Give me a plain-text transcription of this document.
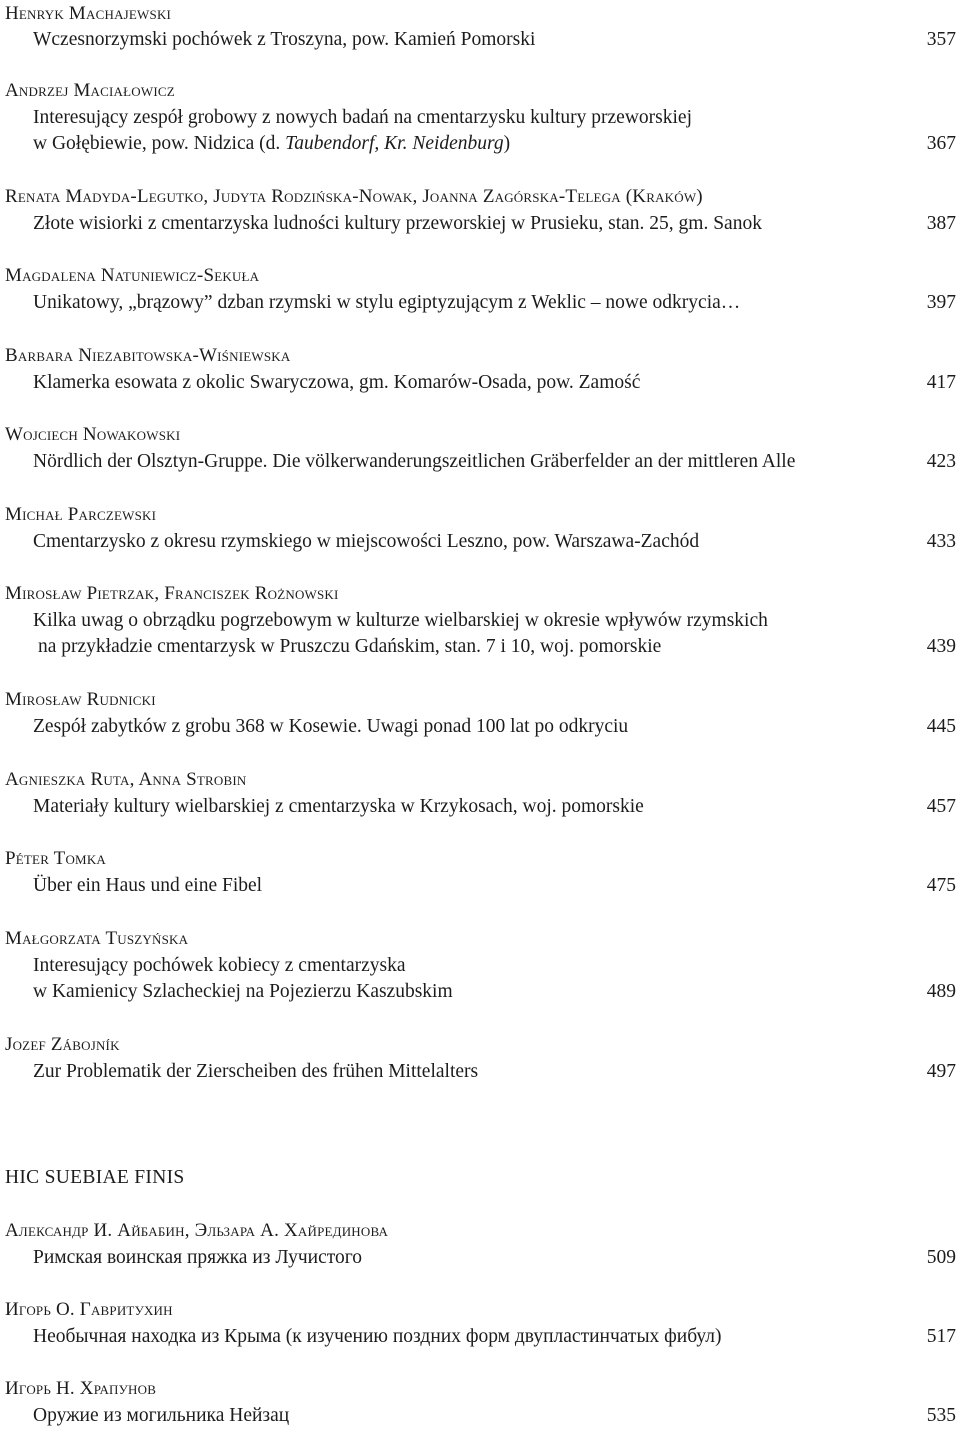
Henryk Machajewski
Wczesnorzymski pochówek z Troszyna, pow. Kamień Pomorski	357
Andrzej Maciałowicz
Interesujący zespół grobowy z nowych badań na cmentarzysku kultury przeworskiej
w Gołębiewie, pow. Nidzica (d. Taubendorf, Kr. Neidenburg)	367
Renata Madyda-Legutko, Judyta Rodzińska-Nowak, Joanna Zagórska-Telega (Kraków)
Złote wisiorki z cmentarzyska ludności kultury przeworskiej w Prusieku, stan. 25, gm. Sanok	387
Magdalena Natuniewicz-Sekuła
Unikatowy, „brązowy” dzban rzymski w stylu egiptyzującym z Weklic – nowe odkrycia…	397
Barbara Niezabitowska-Wiśniewska
Klamerka esowata z okolic Swaryczowa, gm. Komarów-Osada, pow. Zamość	417
Wojciech Nowakowski
Nördlich der Olsztyn-Gruppe. Die völkerwanderungszeitlichen Gräberfelder an der mittleren Alle	423
Michał Parczewski
Cmentarzysko z okresu rzymskiego w miejscowości Leszno, pow. Warszawa-Zachód	433
Mirosław Pietrzak, Franciszek Rożnowski
Kilka uwag o obrządku pogrzebowym w kulturze wielbarskiej w okresie wpływów rzymskich
na przykładzie cmentarzysk w Pruszczu Gdańskim, stan. 7 i 10, woj. pomorskie	439
Mirosław Rudnicki
Zespół zabytków z grobu 368 w Kosewie. Uwagi ponad 100 lat po odkryciu	445
Agnieszka Ruta, Anna Strobin
Materiały kultury wielbarskiej z cmentarzyska w Krzykosach, woj. pomorskie	457
Péter Tomka
Über ein Haus und eine Fibel	475
Małgorzata Tuszyńska
Interesujący pochówek kobiecy z cmentarzyska
w Kamienicy Szlacheckiej na Pojezierzu Kaszubskim	489
Jozef Zábojník
Zur Problematik der Zierscheiben des frühen Mittelalters	497
HIC SUEBIAE FINIS
Александр И. Айбабин, Эльзара А. Хайрединова
Римская воинская пряжка из Лучистого	509
Игорь О. Гавритухин
Необычная находка из Крыма (к изучению поздних форм двупластинчатых фибул)	517
Игорь Н. Храпунов
Оружие из могильника Нейзац	535
